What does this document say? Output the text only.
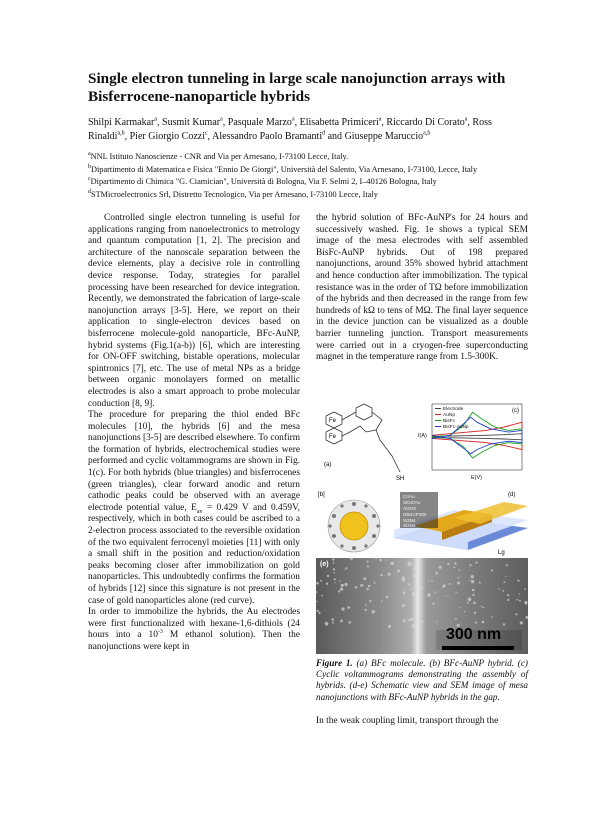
Single electron tunneling in large scale nanojunction arrays with Bisferrocene-nanoparticle hybrids
Shilpi Karmakar$^a$, Susmit Kumar$^a$, Pasquale Marzo$^a$, Elisabetta Primiceri$^a$, Riccardo Di Corato$^a$, Ross Rinaldi$^{a,b}$, Pier Giorgio Cozzi$^c$, Alessandro Paolo Bramanti$^d$ and Giuseppe Maruccio$^{a,b}$
$^a$NNL Istituto Nanoscienze - CNR and Via per Arnesano, I-73100 Lecce, Italy.
$^b$Dipartimento di Matematica e Fisica "Ennio De Giorgi", Università del Salento, Via Arnesano, I-73100, Lecce, Italy
$^c$Dipartimento di Chimica "G. Ciamician", Università di Bologna, Via F. Selmi 2, I–40126 Bologna, Italy
$^d$STMicroelectronics Srl, Distretto Tecnologico, Via per Arnesano, I-73100 Lecce, Italy

Controlled single electron tunneling is useful for applications ranging from nanoelectronics to metrology and quantum computation [1, 2]. The precision and architecture of the nanoscale separation between the device elements, play a decisive role in controlling device response. Today, strategies for parallel processing have been researched for device integration. Recently, we demonstrated the fabrication of large-scale nanojunction arrays [3-5]. Here, we report on their application to single-electron devices based on bisferrocene molecule-gold nanoparticle, BFc-AuNP, hybrid systems (Fig.1(a-b)) [6], which are interesting for ON-OFF switching, bistable operations, molecular spintronics [7], etc. The use of metal NPs as a bridge between organic monolayers formed on metallic electrodes is also a smart approach to probe molecular conduction [8, 9].

The procedure for preparing the thiol ended BFc molecules [10], the hybrids [6] and the mesa nanojunctions [3-5] are described elsewhere. To confirm the formation of hybrids, electrochemical studies were performed and cyclic voltammograms are shown in Fig. 1(c). For both hybrids (blue triangles) and bisferrocenes (green triangles), clear forward anodic and return cathodic peaks could be observed with an average electrode potential value, $E_{av} = 0.429$ V and 0.459V, respectively, which in both cases could be ascribed to a 2-electron process associated to the reversible oxidation of the two equivalent ferrocenyl moieties [11] with only a small shift in the position and reduction/oxidation peaks becoming closer after immobilization on gold nanoparticles. This undoubtedly confirms the formation of hybrids [12] since this signature is not present in the case of gold nanoparticles alone (red curve).

In order to immobilize the hybrids, the Au electrodes were first functionalized with hexane-1,6-dithiols (24 hours into a $10^{-3}$ M ethanol solution). Then the nanojunctions were kept in

the hybrid solution of BFc-AuNP's for 24 hours and successively washed. Fig. 1e shows a typical SEM image of the mesa electrodes with self assembled BisFc-AuNP hybrids. Out of 198 prepared nanojunctions, around 35% showed hybrid attachment and hence conduction after immobilization. The typical resistance was in the order of TΩ before immobilization of the hybrids and then decreased in the range from few hundreds of kΩ to tens of MΩ. The final layer sequence in the device junction can be visualized as a double barrier tunneling junction. Transport measurements were carried out in a cryogen-free superconducting magnet in the temperature range from 1.5-300K.

Fe
Fe
SH
(a)
Electrode
AuNp
BisFc
BisFc-AuNp
I(A)
E(V)
(c)
[b]	Cr/Au
SiO2/Au
Al2O3
DBSCP300
Si3N4
Si3N4
Lg
(d)
(e)
300 nm
Figure 1. (a) BFc molecule. (b) BFc-AuNP hybrid. (c) Cyclic voltammograms demonstrating the assembly of hybrids. (d-e) Schematic view and SEM image of mesa nanojunctions with BFc-AuNP hybrids in the gap.

In the weak coupling limit, transport through the
